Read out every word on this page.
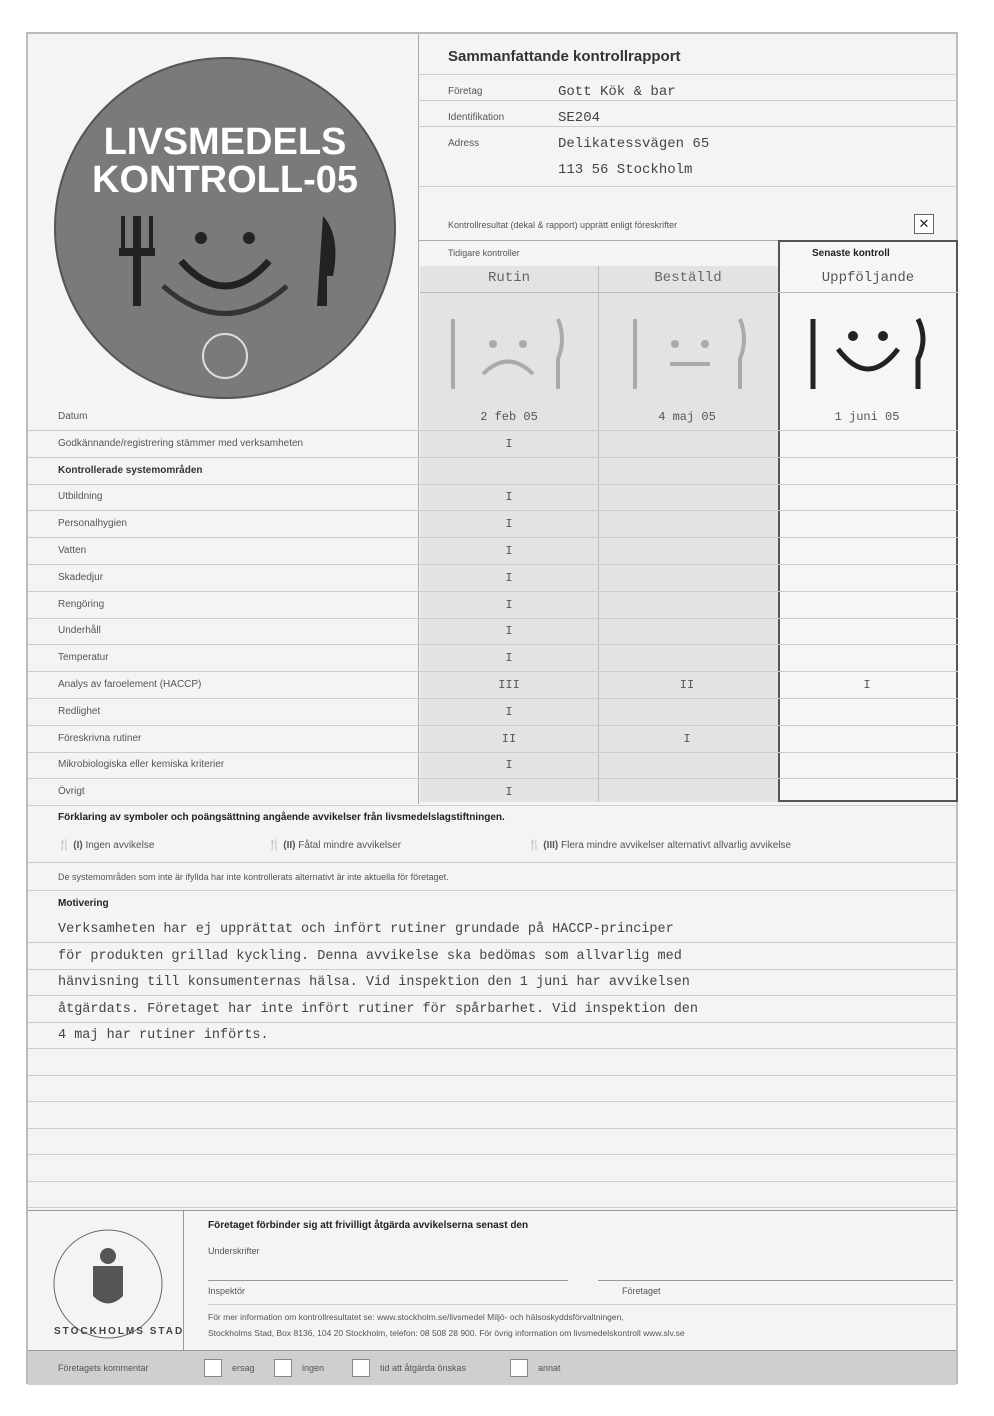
LIVSMEDELS
KONTROLL-05
Sammanfattande kontrollrapport
Företag	Gott Kök & bar
Identifikation	SE204
Adress	Delikatessvägen 65
113 56 Stockholm
Kontrollresultat (dekal & rapport) upprätt enligt föreskrifter	✕
Tidigare kontroller	Senaste kontroll
Rutin	Beställd	Uppföljande
Datum	2 feb 05	4 maj 05	1 juni 05
Godkännande/registrering stämmer med verksamheten	I
Kontrollerade systemområden
Utbildning	I
Personalhygien	I
Vatten	I
Skadedjur	I
Rengöring	I
Underhåll	I
Temperatur	I
Analys av faroelement (HACCP)	III	II	I
Redlighet	I
Föreskrivna rutiner	II	I
Mikrobiologiska eller kemiska kriterier	I
Övrigt	I
Förklaring av symboler och poängsättning angående avvikelser från livsmedelslagstiftningen.
🍴 (I) Ingen avvikelse	🍴 (II) Fåtal mindre avvikelser	🍴 (III) Flera mindre avvikelser alternativt allvarlig avvikelse
De systemområden som inte är ifyllda har inte kontrollerats alternativt är inte aktuella för företaget.
Motivering
Verksamheten har ej upprättat och infört rutiner grundade på HACCP-principer
för produkten grillad kyckling. Denna avvikelse ska bedömas som allvarlig med
hänvisning till konsumenternas hälsa. Vid inspektion den 1 juni har avvikelsen
åtgärdats. Företaget har inte infört rutiner för spårbarhet. Vid inspektion den
4 maj har rutiner införts.
STOCKHOLMS STAD
Företaget förbinder sig att frivilligt åtgärda avvikelserna senast den
Underskrifter
Inspektör	Företaget
För mer information om kontrollresultatet se: www.stockholm.se/livsmedel Miljö- och hälsoskyddsförvaltningen,
Stockholms Stad, Box 8136, 104 20 Stockholm, telefon: 08 508 28 900. För övrig information om livsmedelskontroll www.slv.se
Företagets kommentar	ersag	ingen	tid att åtgärda önskas	annat
